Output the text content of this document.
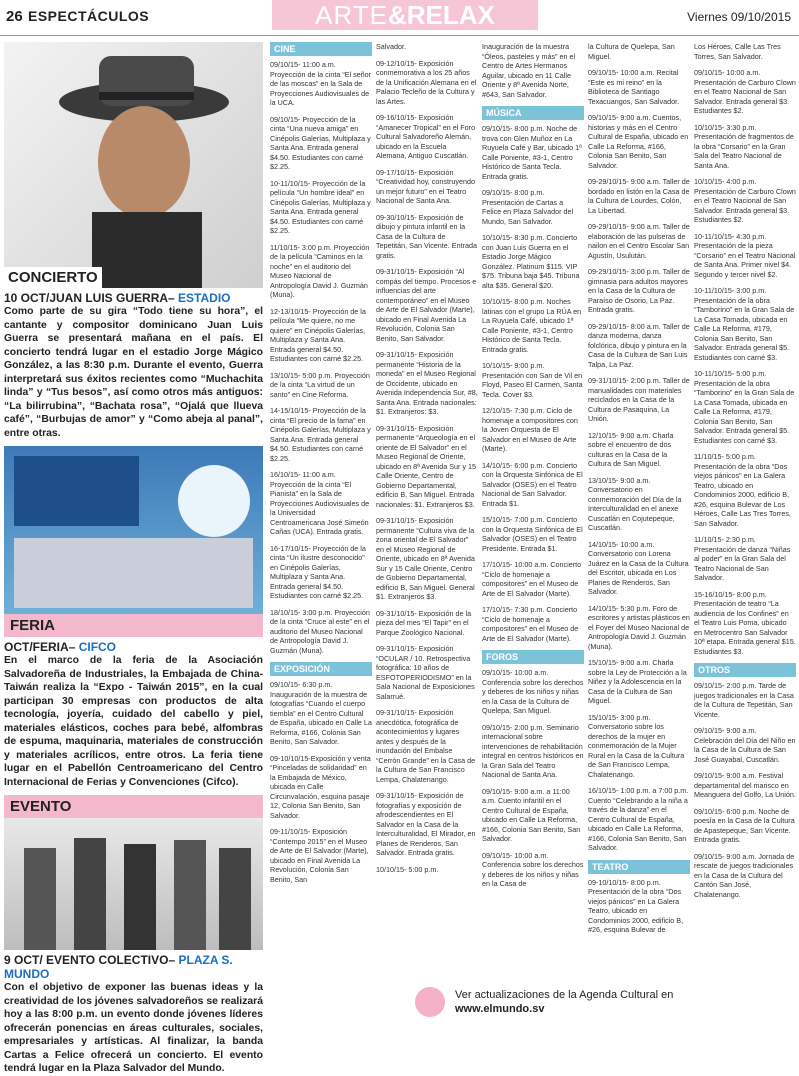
26 ESPECTÁCULOS	ARTE & RELAX	Viernes 09/10/2015
CONCIERTO
10 OCT/JUAN LUIS GUERRA– ESTADIO
Como parte de su gira “Todo tiene su hora”, el cantante y compositor dominicano Juan Luis Guerra se presentará mañana en el país. El concierto tendrá lugar en el estadio Jorge Mágico González, a las 8:30 p.m. Durante el evento, Guerra interpretará sus éxitos recientes como “Muchachita linda” y “Tus besos”, así como otros más antiguos: “La bilirrubina”, “Bachata rosa”, “Ojalá que llueva café”, “Burbujas de amor” y “Como abeja al panal”, entre otras.
FERIA
OCT/FERIA– CIFCO
En el marco de la feria de la Asociación Salvadoreña de Industriales, la Embajada de China-Taiwán realiza la “Expo - Taiwán 2015”, en la cual participan 30 empresas con productos de alta tecnología, joyería, cuidado del cabello y piel, materiales elásticos, coches para bebé, alfombras de espuma, maquinaria, materiales de construcción y materiales acrílicos, entre otros. La feria tiene lugar en el Pabellón Centroamericano del Centro Internacional de Ferias y Convenciones (Cifco).
EVENTO
9 OCT/ EVENTO COLECTIVO– PLAZA S. MUNDO
Con el objetivo de exponer las buenas ideas y la creatividad de los jóvenes salvadoreños se realizará hoy a las 8:00 p.m. un evento donde jóvenes líderes ofrecerán ponencias en áreas culturales, sociales, empresariales y artísticas. Al finalizar, la banda Cartas a Felice ofrecerá un concierto. El evento tendrá lugar en la Plaza Salvador del Mundo.
CINE
09/10/15- 11:00 a.m. Proyección de la cinta “El señor de las moscas” en la Sala de Proyecciones Audiovisuales de la UCA.
09/10/15- Proyección de la cinta “Una nueva amiga” en Cinépolis Galerías, Multiplaza y Santa Ana. Entrada general $4.50. Estudiantes con carné $2.25.
10-11/10/15- Proyección de la película “Un hombre ideal” en Cinépolis Galerías, Multiplaza y Santa Ana. Entrada general $4.50. Estudiantes con carné $2.25.
11/10/15- 3:00 p.m. Proyección de la película “Caminos en la noche” en el auditorio del Museo Nacional de Antropología David J. Guzmán (Muna).
12-13/10/15- Proyección de la película “Me quiere, no me quiere” en Cinépolis Galerías, Multiplaza y Santa Ana. Entrada general $4.50. Estudiantes con carné $2.25.
13/10/15- 5:00 p.m. Proyección de la cinta “La virtud de un santo” en Cine Reforma.
14-15/10/15- Proyección de la cinta “El precio de la fama” en Cinépolis Galerías, Multiplaza y Santa Ana. Entrada general $4.50. Estudiantes con carné $2.25.
16/10/15- 11:00 a.m. Proyección de la cinta “El Pianista” en la Sala de Proyecciones Audiovisuales de la Universidad Centroamericana José Simeón Cañas (UCA). Entrada gratis.
16-17/10/15- Proyección de la cinta “Un ilustre desconocido” en Cinépolis Galerías, Multiplaza y Santa Ana. Entrada general $4.50. Estudiantes con carné $2.25.
18/10/15- 3:00 p.m. Proyección de la cinta “Cruce al este” en el auditorio del Museo Nacional de Antropología David J. Guzmán (Muna).
EXPOSICIÓN
09/10/15- 6:30 p.m. Inauguración de la muestra de fotografías “Cuando el cuerpo tiembla” en el Centro Cultural de España, ubicado en Calle La Reforma, #166, Colonia San Benito, San Salvador.
09-10/10/15-Exposición y venta “Pinceladas de solidaridad” en la Embajada de México, ubicada en Calle Circunvalación, esquina pasaje 12, Colonia San Benito, San Salvador.
09-11/10/15- Exposición “Contempo 2015” en el Museo de Arte de El Salvador (Marte), ubicado en Final Avenida La Revolución, Colonia San Benito, San
Salvador.
09-12/10/15- Exposición conmemorativa a los 25 años de la Unificación Alemana en el Palacio Tecleño de la Cultura y las Artes.
09-16/10/15- Exposición “Amanecer Tropical” en el Foro Cultural Salvadoreño Alemán, ubicado en la Escuela Alemana, Antiguo Cuscatlán.
09-17/10/15- Exposición “Creatividad hoy, construyendo un mejor futuro” en el Teatro Nacional de Santa Ana.
09-30/10/15- Exposición de dibujo y pintura infantil en la Casa de la Cultura de Tepetitán, San Vicente. Entrada gratis.
09-31/10/15- Exposición “Al compás del tiempo. Procesos e influencias del arte contemporáneo” en el Museo de Arte de El Salvador (Marte), ubicado en Final Avenida La Revolución, Colonia San Benito, San Salvador.
09-31/10/15- Exposición permanente “Historia de la moneda” en el Museo Regional de Occidente, ubicado en Avenida Independencia Sur, #8, Santa Ana. Entrada nacionales: $1. Extranjeros: $3.
09-31/10/15- Exposición permanente “Arqueología en el oriente de El Salvador” en el Museo Regional de Oriente, ubicado en 8ª Avenida Sur y 15 Calle Oriente, Centro de Gobierno Departamental, edificio B, San Miguel. Entrada nacionales: $1. Extranjeros $3.
09-31/10/15- Exposición permanente “Cultura viva de la zona oriental de El Salvador” en el Museo Regional de Oriente, ubicado en 8ª Avenida Sur y 15 Calle Oriente, Centro de Gobierno Departamental, edificio B, San Miguel. General $1. Extranjeros $3.
09-31/10/15- Exposición de la pieza del mes “El Tapir” en el Parque Zoológico Nacional.
09-31/10/15- Exposición “OCULAR / 10. Retrospectiva fotográfica: 10 años de ESFOTOPERIODISMO” en la Sala Nacional de Exposiciones Salarrué.
09-31/10/15- Exposición anecdótica, fotográfica de acontecimientos y lugares antes y después de la inundación del Embalse “Cerrón Grande” en la Casa de la Cultura de San Francisco Lempa, Chalatenango.
09-31/10/15- Exposición de fotografías y exposición de afrodescendientes en El Salvador en la Casa de la Interculturalidad, El Mirador, en Planes de Renderos, San Salvador. Entrada gratis.
10/10/15- 5:00 p.m.
Inauguración de la muestra “Óleos, pasteles y más” en el Centro de Artes Hermanos Aguilar, ubicado en 11 Calle Oriente y 8ª Avenida Norte, #643, San Salvador.
MÚSICA
09/10/15- 8:00 p.m. Noche de trova con Glen Muñoz en La Ruyuela Café y Bar, ubicado 1ª Calle Poniente, #3-1, Centro Histórico de Santa Tecla. Entrada gratis.
09/10/15- 8:00 p.m. Presentación de Cartas a Felice en Plaza Salvador del Mundo, San Salvador.
10/10/15- 8:30 p.m. Concierto con Juan Luis Guerra en el Estadio Jorge Mágico González. Platinum $115. VIP $75. Tribuna baja $45. Tribuna alta $35. General $20.
10/10/15- 8:00 p.m. Noches latinas con el grupo La RÚA en La Ruyuela Café, ubicado 1ª Calle Poniente, #3-1, Centro Histórico de Santa Tecla. Entrada gratis.
10/10/15- 9:00 p.m. Presentación con San de Vil en Floyd, Paseo El Carmen, Santa Tecla. Cover $3.
12/10/15- 7:30 p.m. Ciclo de homenaje a compositores con la Joven Orquesta de El Salvador en el Museo de Arte (Marte).
14/10/15- 6:00 p.m. Concierto con la Orquesta Sinfónica de El Salvador (OSES) en el Teatro Nacional de San Salvador. Entrada $1.
15/10/15- 7:00 p.m. Concierto con la Orquesta Sinfónica de El Salvador (OSES) en el Teatro Presidente. Entrada $1.
17/10/15- 10:00 a.m. Concierto “Ciclo de homenaje a compositores” en el Museo de Arte de El Salvador (Marte).
17/10/15- 7:30 p.m. Concierto “Ciclo de homenaje a compositores” en el Museo de Arte de El Salvador (Marte).
FOROS
09/10/15- 10:00 a.m. Conferencia sobre los derechos y deberes de los niños y niñas en la Casa de la Cultura de Quelepa, San Miguel.
09/10/15- 2:00 p.m. Seminario internacional sobre intervenciones de rehabilitación integral en centros históricos en la Gran Sala del Teatro Nacional de Santa Ana.
09/10/15- 9:00 a.m. a 11:00 a.m. Cuento infantil en el Centro Cultural de España, ubicado en Calle La Reforma, #166, Colonia San Benito, San Salvador.
09/10/15- 10:00 a.m. Conferencia sobre los derechos y deberes de los niños y niñas en la Casa de
la Cultura de Quelepa, San Miguel.
09/10/15- 10:00 a.m. Recital “Este es mi reino” en la Biblioteca de Santiago Texacuangos, San Salvador.
09/10/15- 9:00 a.m. Cuentos, historias y más en el Centro Cultural de España, ubicado en Calle La Reforma, #166, Colonia San Benito, San Salvador.
09-29/10/15- 9:00 a.m. Taller de bordado en listón en la Casa de la Cultura de Lourdes, Colón, La Libertad.
09-29/10/15- 9:00 a.m. Taller de elaboración de las pulseras de nailon en el Centro Escolar San Agustín, Usulután.
09-29/10/15- 3:00 p.m. Taller de gimnasia para adultos mayores en la Casa de la Cultura de Paraíso de Osorio, La Paz. Entrada gratis.
09-29/10/15- 8:00 a.m. Taller de danza moderna, danza folclórica, dibujo y pintura en la Casa de la Cultura de San Luis Talpa, La Paz.
09-31/10/15- 2:00 p.m. Taller de manualidades con materiales reciclados en la Casa de la Cultura de Pasaquina, La Unión.
12/10/15- 9:00 a.m. Charla sobre el encuentro de dos culturas en la Casa de la Cultura de San Miguel.
13/10/15- 9:00 a.m. Conversatorio en conmemoración del Día de la Interculturalidad en el anexe Cuscatlán en Cojutepeque, Cuscatlán.
14/10/15- 10:00 a.m. Conversatorio con Lorena Juárez en la Casa de la Cultura del Escritor, ubicada en Los Planes de Renderos, San Salvador.
14/10/15- 5:30 p.m. Foro de escritores y artistas plásticos en el Foyer del Museo Nacional de Antropología David J. Guzmán (Muna).
15/10/15- 9:00 a.m. Charla sobre la Ley de Protección a la Niñez y la Adolescencia en la Casa de la Cultura de San Miguel.
15/10/15- 3:00 p.m. Conversatorio sobre los derechos de la mujer en conmemoración de la Mujer Rural en la Casa de la Cultura de San Francisco Lempa, Chalatenango.
16/10/15- 1:00 p.m. a 7:00 p.m. Cuento “Celebrando a la niña a través de la danza” en el Centro Cultural de España, ubicado en Calle La Reforma, #166, Colonia San Benito, San Salvador.
TEATRO
09-10/10/15- 8:00 p.m. Presentación de la obra “Dos viejos pánicos” en La Galera Teatro, ubicado en Condominios 2000, edificio B, #26, esquina Bulevar de
Los Héroes, Calle Las Tres Torres, San Salvador.
09/10/15- 10:00 a.m. Presentación de Carburo Clown en el Teatro Nacional de San Salvador. Entrada general $3. Estudiantes $2.
10/10/15- 3:30 p.m. Presentación de fragmentos de la obra “Corsario” en la Gran Sala del Teatro Nacional de Santa Ana.
10/10/15- 4:00 p.m. Presentación de Carburo Clown en el Teatro Nacional de San Salvador. Entrada general $3. Estudiantes $2.
10-11/10/15- 4:30 p.m. Presentación de la pieza “Corsario” en el Teatro Nacional de Santa Ana. Primer nivel $4. Segundo y tercer nivel $2.
10-11/10/15- 3:00 p.m. Presentación de la obra “Tamborino” en la Gran Sala de La Casa Tomada, ubicada en Calle La Reforma, #179, Colonia San Benito, San Salvador. Entrada general $5. Estudiantes con carné $3.
10-11/10/15- 5:00 p.m. Presentación de la obra “Tamborino” en la Gran Sala de La Casa Tomada, ubicada en Calle La Reforma, #179, Colonia San Benito, San Salvador. Entrada general $5. Estudiantes con carné $3.
11/10/15- 5:00 p.m. Presentación de la obra “Dos viejos pánicos” en La Galera Teatro, ubicado en Condominios 2000, edificio B, #26, esquina Bulevar de Los Héroes, Calle Las Tres Torres, San Salvador.
11/10/15- 2:30 p.m. Presentación de danza “Niñas al poder” en la Gran Sala del Teatro Nacional de San Salvador.
15-16/10/15- 8:00 p.m. Presentación de teatro “La audiencia de los Confines” en el Teatro Luis Poma, ubicado en Metrocentro San Salvador 10ª etapa. Entrada general $15. Estudiantes $3.
OTROS
09/10/15- 2:00 p.m. Tarde de juegos tradicionales en la Casa de la Cultura de Tepetitán, San Vicente.
09/10/15- 9:00 a.m. Celebración del Día del Niño en la Casa de la Cultura de San José Guayabal, Cuscatlán.
09/10/15- 9:00 a.m. Festival departamental del marisco en Meanguera del Golfo, La Unión.
09/10/15- 6:00 p.m. Noche de poesía en la Casa de la Cultura de Apastepeque, San Vicente. Entrada gratis.
09/10/15- 9:00 a.m. Jornada de rescate de juegos tradicionales en la Casa de la Cultura del Cantón San José, Chalatenango.
Ver actualizaciones de la Agenda Cultural en
www.elmundo.sv
